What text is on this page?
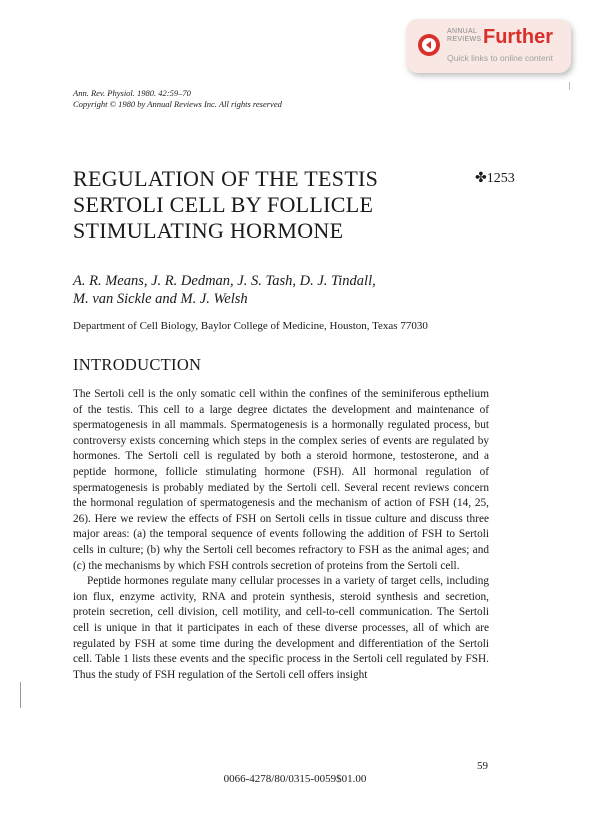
ANNUAL REVIEWS Further
Quick links to online content
Ann. Rev. Physiol. 1980. 42:59–70
Copyright © 1980 by Annual Reviews Inc. All rights reserved
REGULATION OF THE TESTIS
SERTOLI CELL BY FOLLICLE
STIMULATING HORMONE
✤1253
A. R. Means, J. R. Dedman, J. S. Tash, D. J. Tindall,
M. van Sickle and M. J. Welsh
Department of Cell Biology, Baylor College of Medicine, Houston, Texas 77030
INTRODUCTION

The Sertoli cell is the only somatic cell within the confines of the seminiferous epthelium of the testis. This cell to a large degree dictates the development and maintenance of spermatogenesis in all mammals. Spermatogenesis is a hormonally regulated process, but controversy exists concerning which steps in the complex series of events are regulated by hormones. The Sertoli cell is regulated by both a steroid hormone, testosterone, and a peptide hormone, follicle stimulating hormone (FSH). All hormonal regulation of spermatogenesis is probably mediated by the Sertoli cell. Several recent reviews concern the hormonal regulation of spermatogenesis and the mechanism of action of FSH (14, 25, 26). Here we review the effects of FSH on Sertoli cells in tissue culture and discuss three major areas: (a) the temporal sequence of events following the addition of FSH to Sertoli cells in culture; (b) why the Sertoli cell becomes refractory to FSH as the animal ages; and (c) the mechanisms by which FSH controls secretion of proteins from the Sertoli cell.

Peptide hormones regulate many cellular processes in a variety of target cells, including ion flux, enzyme activity, RNA and protein synthesis, steroid synthesis and secretion, protein secretion, cell division, cell motility, and cell-to-cell communication. The Sertoli cell is unique in that it participates in each of these diverse processes, all of which are regulated by FSH at some time during the development and differentiation of the Sertoli cell. Table 1 lists these events and the specific process in the Sertoli cell regulated by FSH. Thus the study of FSH regulation of the Sertoli cell offers insight

59
0066-4278/80/0315-0059$01.00
